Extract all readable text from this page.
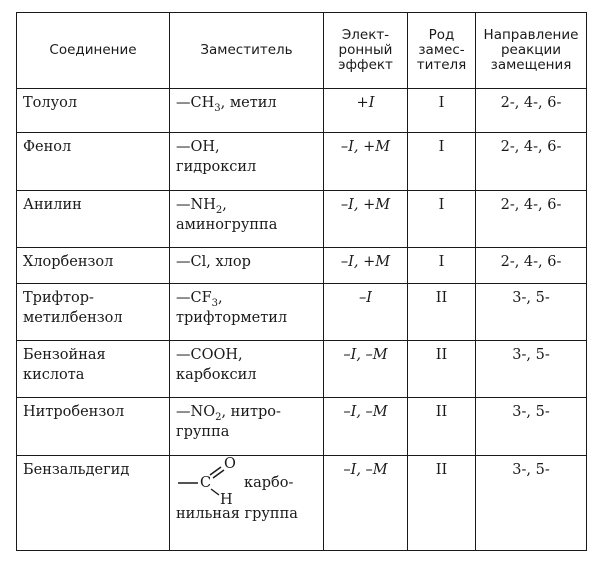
Соединение	Заместитель	Элект-
ронный
эффект	Род
замес-
тителя	Направление
реакции
замещения

Толуол	$—CH_3$, метил	+I	I	2-, 4-, 6-

Фенол	—OH,
гидроксил	–I, +M	I	2-, 4-, 6-

Анилин	$—NH_2$,
аминогруппа	–I, +M	I	2-, 4-, 6-

Хлорбензол	—Cl, хлор	–I, +M	I	2-, 4-, 6-

Трифтор-
метилбензол	$—CF_3$,
трифторметил	–I	II	3-, 5-

Бензойная
кислота	—COOH,
карбоксил	–I, –M	II	3-, 5-

Нитробензол	$—NO_2$, нитро-
группа	–I, –M	II	3-, 5-

Бензальдегид	O
C
H
карбо-
нильная группа	–I, –M	II	3-, 5-
